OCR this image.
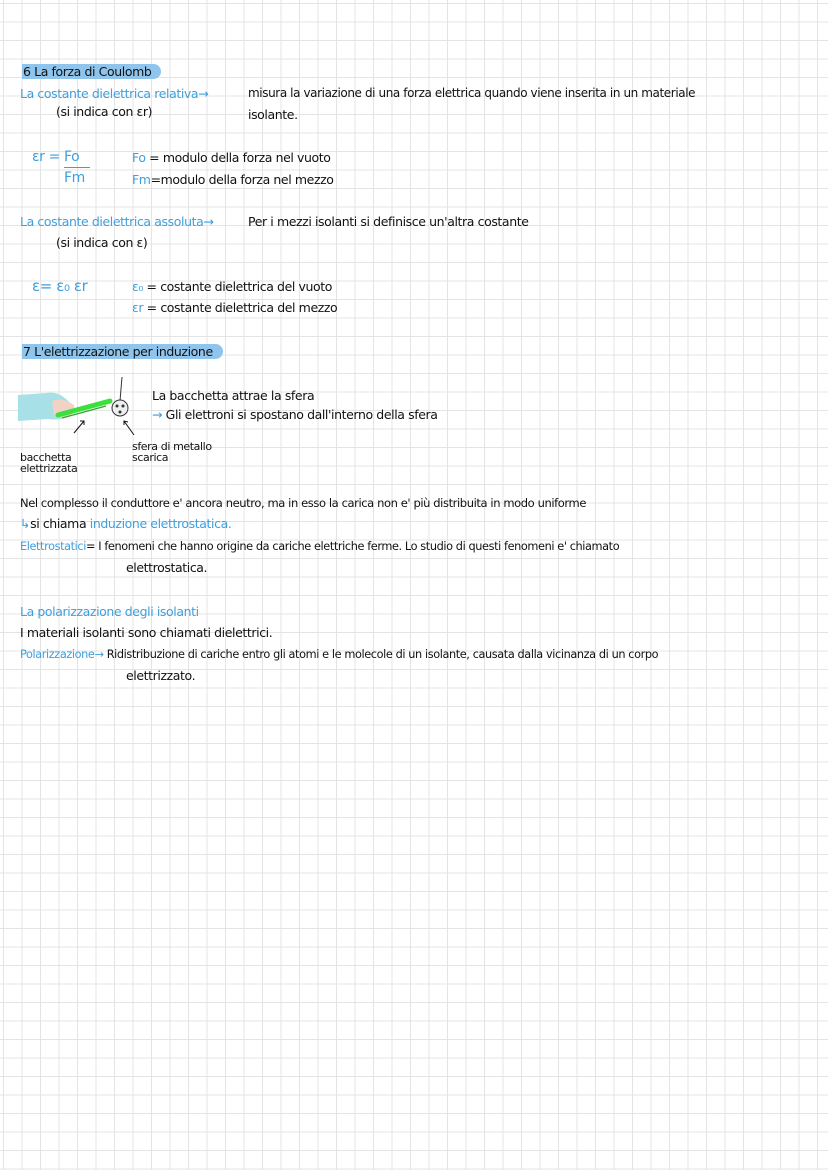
6 La forza di Coulomb
La costante dielettrica relativa→	misura la variazione di una forza elettrica quando viene inserita in un materiale
(si indica con εr)	isolante.
εr = Fo
Fm
Fo = modulo della forza nel vuoto
Fm=modulo della forza nel mezzo
La costante dielettrica assoluta→	Per i mezzi isolanti si definisce un'altra costante
(si indica con ε)
ε= ε₀ εr	ε₀ = costante dielettrica del vuoto
εr = costante dielettrica del mezzo
7 L'elettrizzazione per induzione
La bacchetta attrae la sfera
→ Gli elettroni si spostano dall'interno della sfera
bacchetta
elettrizzata
sfera di metallo
scarica
Nel complesso il conduttore e' ancora neutro, ma in esso la carica non e' più distribuita in modo uniforme
↳si chiama induzione elettrostatica.
Elettrostatici= I fenomeni che hanno origine da cariche elettriche ferme. Lo studio di questi fenomeni e' chiamato
elettrostatica.
La polarizzazione degli isolanti
I materiali isolanti sono chiamati dielettrici.
Polarizzazione→ Ridistribuzione di cariche entro gli atomi e le molecole di un isolante, causata dalla vicinanza di un corpo
elettrizzato.
